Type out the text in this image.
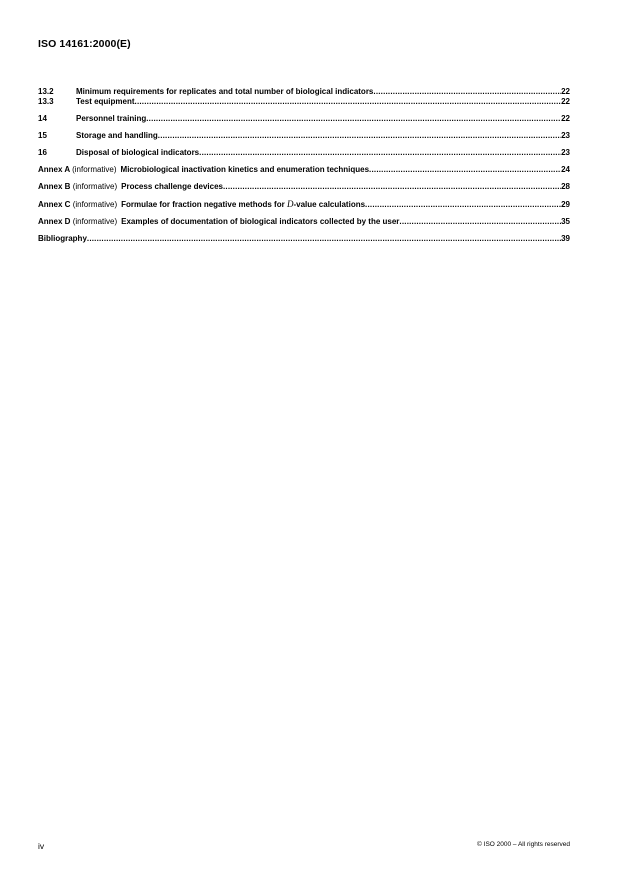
ISO 14161:2000(E)
13.2	Minimum requirements for replicates and total number of biological indicators .....	22
13.3	Test equipment .....	22
14	Personnel training .....	22
15	Storage and handling .....	23
16	Disposal of biological indicators .....	23
Annex A (informative) Microbiological inactivation kinetics and enumeration techniques .....	24
Annex B (informative) Process challenge devices .....	28
Annex C (informative) Formulae for fraction negative methods for D-value calculations .....	29
Annex D (informative) Examples of documentation of biological indicators collected by the user .....	35
Bibliography .....	39
iv	© ISO 2000 – All rights reserved
